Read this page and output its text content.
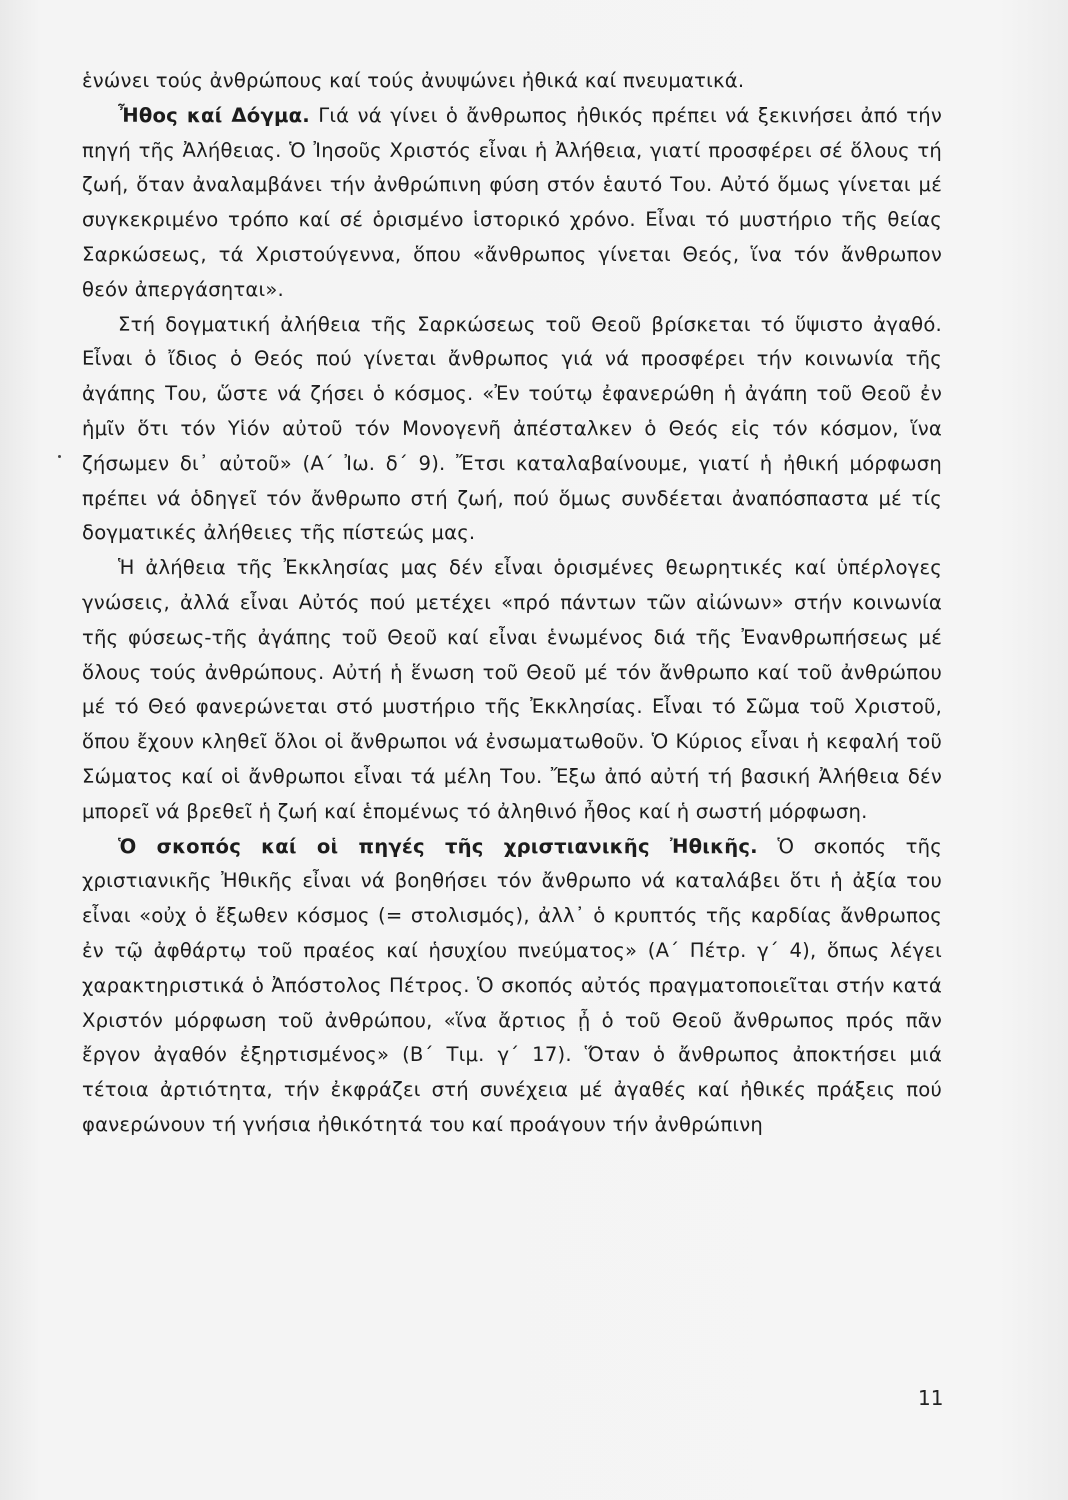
ἑνώνει τούς ἀνθρώπους καί τούς ἀνυψώνει ἠθικά καί πνευματικά.

Ἦθος καί Δόγμα. Γιά νά γίνει ὁ ἄνθρωπος ἠθικός πρέπει νά ξεκινήσει ἀπό τήν πηγή τῆς Ἀλήθειας. Ὁ Ἰησοῦς Χριστός εἶναι ἡ Ἀλήθεια, γιατί προσφέρει σέ ὅλους τή ζωή, ὅταν ἀναλαμβάνει τήν ἀνθρώπινη φύση στόν ἑαυτό Του. Αὐτό ὅμως γίνεται μέ συγκεκριμένο τρόπο καί σέ ὁρισμένο ἱστορικό χρόνο. Εἶναι τό μυστήριο τῆς θείας Σαρκώσεως, τά Χριστούγεννα, ὅπου «ἄνθρωπος γίνεται Θεός, ἵνα τόν ἄνθρωπον θεόν ἀπεργάσηται».

Στή δογματική ἀλήθεια τῆς Σαρκώσεως τοῦ Θεοῦ βρίσκεται τό ὕψιστο ἀγαθό. Εἶναι ὁ ἴδιος ὁ Θεός πού γίνεται ἄνθρωπος γιά νά προσφέρει τήν κοινωνία τῆς ἀγάπης Του, ὥστε νά ζήσει ὁ κόσμος. «Ἐν τούτῳ ἐφανερώθη ἡ ἀγάπη τοῦ Θεοῦ ἐν ἡμῖν ὅτι τόν Υἱόν αὐτοῦ τόν Μονογενῆ ἀπέσταλκεν ὁ Θεός εἰς τόν κόσμον, ἵνα ζήσωμεν δι᾽ αὐτοῦ» (Α΄ Ἰω. δ΄ 9). Ἔτσι καταλαβαίνουμε, γιατί ἡ ἠθική μόρφωση πρέπει νά ὁδηγεῖ τόν ἄνθρωπο στή ζωή, πού ὅμως συνδέεται ἀναπόσπαστα μέ τίς δογματικές ἀλήθειες τῆς πίστεώς μας.

Ἡ ἀλήθεια τῆς Ἐκκλησίας μας δέν εἶναι ὁρισμένες θεωρητικές καί ὑπέρλογες γνώσεις, ἀλλά εἶναι Αὐτός πού μετέχει «πρό πάντων τῶν αἰώνων» στήν κοινωνία τῆς φύσεως-τῆς ἀγάπης τοῦ Θεοῦ καί εἶναι ἑνωμένος διά τῆς Ἐνανθρωπήσεως μέ ὅλους τούς ἀνθρώπους. Αὐτή ἡ ἕνωση τοῦ Θεοῦ μέ τόν ἄνθρωπο καί τοῦ ἀνθρώπου μέ τό Θεό φανερώνεται στό μυστήριο τῆς Ἐκκλησίας. Εἶναι τό Σῶμα τοῦ Χριστοῦ, ὅπου ἔχουν κληθεῖ ὅλοι οἱ ἄνθρωποι νά ἐνσωματωθοῦν. Ὁ Κύριος εἶναι ἡ κεφαλή τοῦ Σώματος καί οἱ ἄνθρωποι εἶναι τά μέλη Του. Ἔξω ἀπό αὐτή τή βασική Ἀλήθεια δέν μπορεῖ νά βρεθεῖ ἡ ζωή καί ἑπομένως τό ἀληθινό ἦθος καί ἡ σωστή μόρφωση.

Ὁ σκοπός καί οἱ πηγές τῆς χριστιανικῆς Ἠθικῆς. Ὁ σκοπός τῆς χριστιανικῆς Ἠθικῆς εἶναι νά βοηθήσει τόν ἄνθρωπο νά καταλάβει ὅτι ἡ ἀξία του εἶναι «οὐχ ὁ ἔξωθεν κόσμος (= στολισμός), ἀλλ᾽ ὁ κρυπτός τῆς καρδίας ἄνθρωπος ἐν τῷ ἀφθάρτῳ τοῦ πραέος καί ἡσυχίου πνεύματος» (Α΄ Πέτρ. γ΄ 4), ὅπως λέγει χαρακτηριστικά ὁ Ἀπόστολος Πέτρος. Ὁ σκοπός αὐτός πραγματοποιεῖται στήν κατά Χριστόν μόρφωση τοῦ ἀνθρώπου, «ἵνα ἄρτιος ᾖ ὁ τοῦ Θεοῦ ἄνθρωπος πρός πᾶν ἔργον ἀγαθόν ἐξηρτισμένος» (Β΄ Τιμ. γ΄ 17). Ὅταν ὁ ἄνθρωπος ἀποκτήσει μιά τέτοια ἀρτιότητα, τήν ἐκφράζει στή συνέχεια μέ ἀγαθές καί ἠθικές πράξεις πού φανερώνουν τή γνήσια ἠθικότητά του καί προάγουν τήν ἀνθρώπινη

11
